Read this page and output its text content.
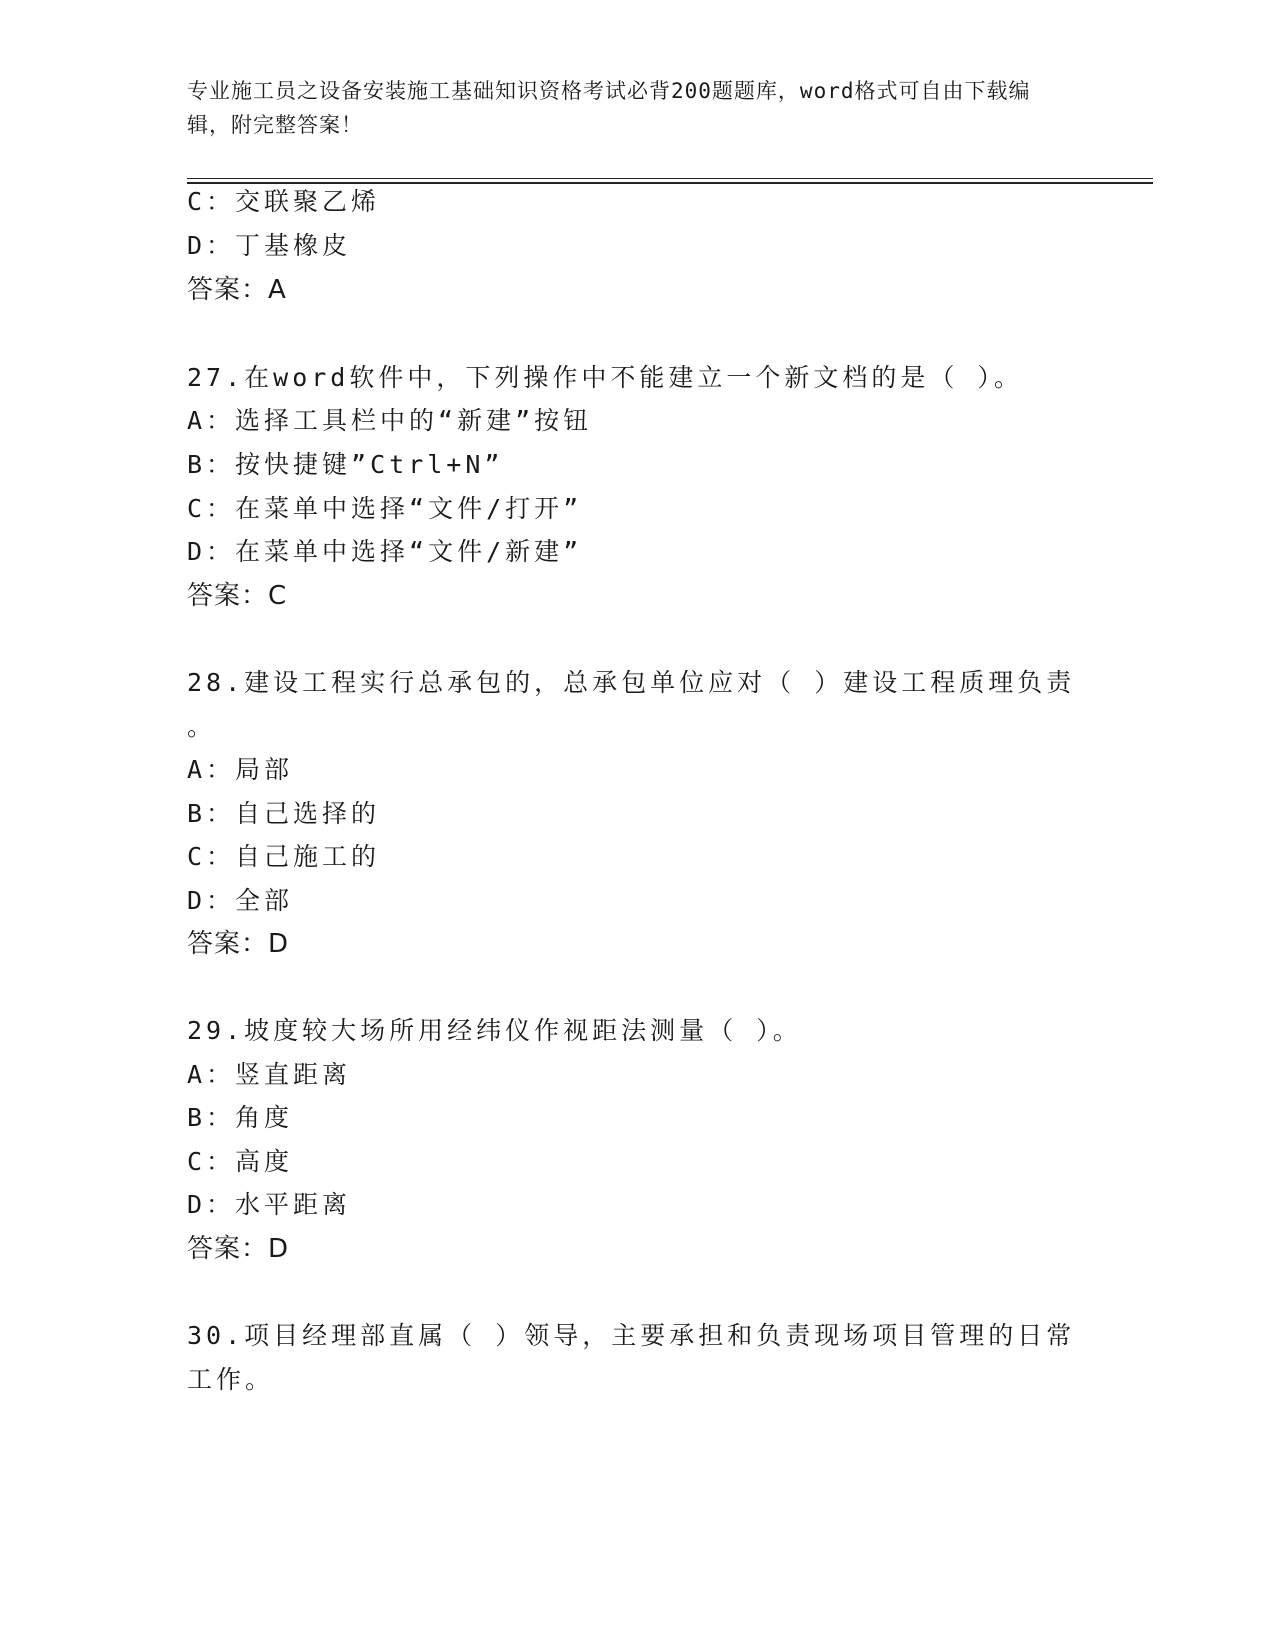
专业施工员之设备安装施工基础知识资格考试必背200题题库，word格式可自由下载编辑，附完整答案！
C：交联聚乙烯
D：丁基橡皮
答案：A
27.在word软件中，下列操作中不能建立一个新文档的是（ ）。
A：选择工具栏中的“新建”按钮
B：按快捷键”Ctrl+N”
C：在菜单中选择“文件/打开”
D：在菜单中选择“文件/新建”
答案：C
28.建设工程实行总承包的，总承包单位应对（ ）建设工程质理负责
。
A：局部
B：自己选择的
C：自己施工的
D：全部
答案：D
29.坡度较大场所用经纬仪作视距法测量（ ）。
A：竖直距离
B：角度
C：高度
D：水平距离
答案：D
30.项目经理部直属（ ）领导，主要承担和负责现场项目管理的日常
工作。
